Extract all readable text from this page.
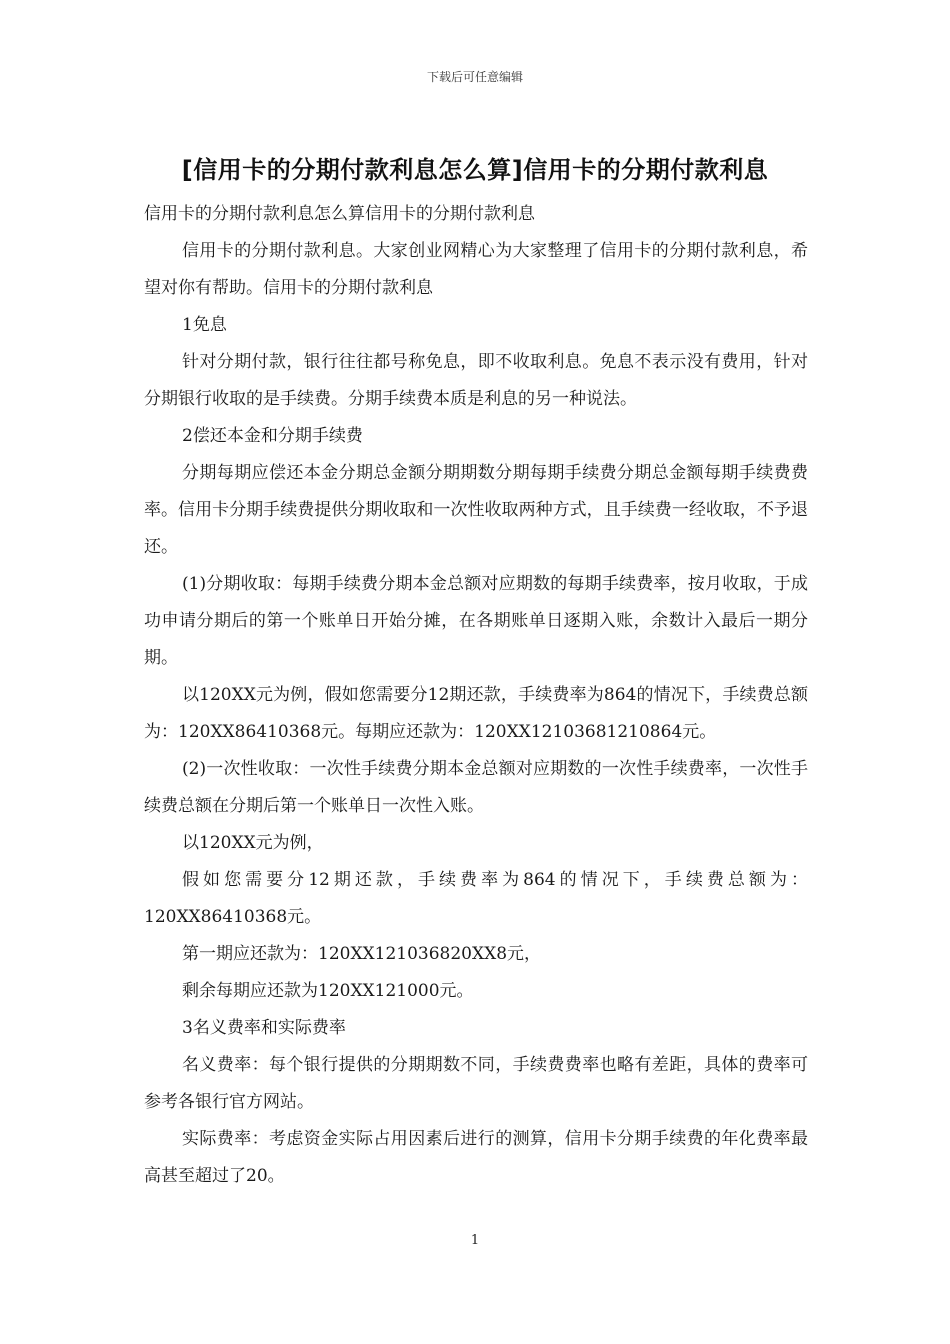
下载后可任意编辑
[信用卡的分期付款利息怎么算]信用卡的分期付款利息

信用卡的分期付款利息怎么算信用卡的分期付款利息

信用卡的分期付款利息。大家创业网精心为大家整理了信用卡的分期付款利息，希望对你有帮助。信用卡的分期付款利息

1免息

针对分期付款，银行往往都号称免息，即不收取利息。免息不表示没有费用，针对分期银行收取的是手续费。分期手续费本质是利息的另一种说法。

2偿还本金和分期手续费

分期每期应偿还本金分期总金额分期期数分期每期手续费分期总金额每期手续费费率。信用卡分期手续费提供分期收取和一次性收取两种方式，且手续费一经收取，不予退还。

(1)分期收取：每期手续费分期本金总额对应期数的每期手续费率，按月收取，于成功申请分期后的第一个账单日开始分摊，在各期账单日逐期入账，余数计入最后一期分期。

以120XX元为例，假如您需要分12期还款，手续费率为864的情况下，手续费总额为：120XX86410368元。每期应还款为：120XX12103681210864元。

(2)一次性收取：一次性手续费分期本金总额对应期数的一次性手续费率，一次性手续费总额在分期后第一个账单日一次性入账。

以120XX元为例，

假如您需要分12期还款，手续费率为864的情况下，手续费总额为：120XX86410368元。

第一期应还款为：120XX121036820XX8元，

剩余每期应还款为120XX121000元。

3名义费率和实际费率

名义费率：每个银行提供的分期期数不同，手续费费率也略有差距，具体的费率可参考各银行官方网站。

实际费率：考虑资金实际占用因素后进行的测算，信用卡分期手续费的年化费率最高甚至超过了20。

1
